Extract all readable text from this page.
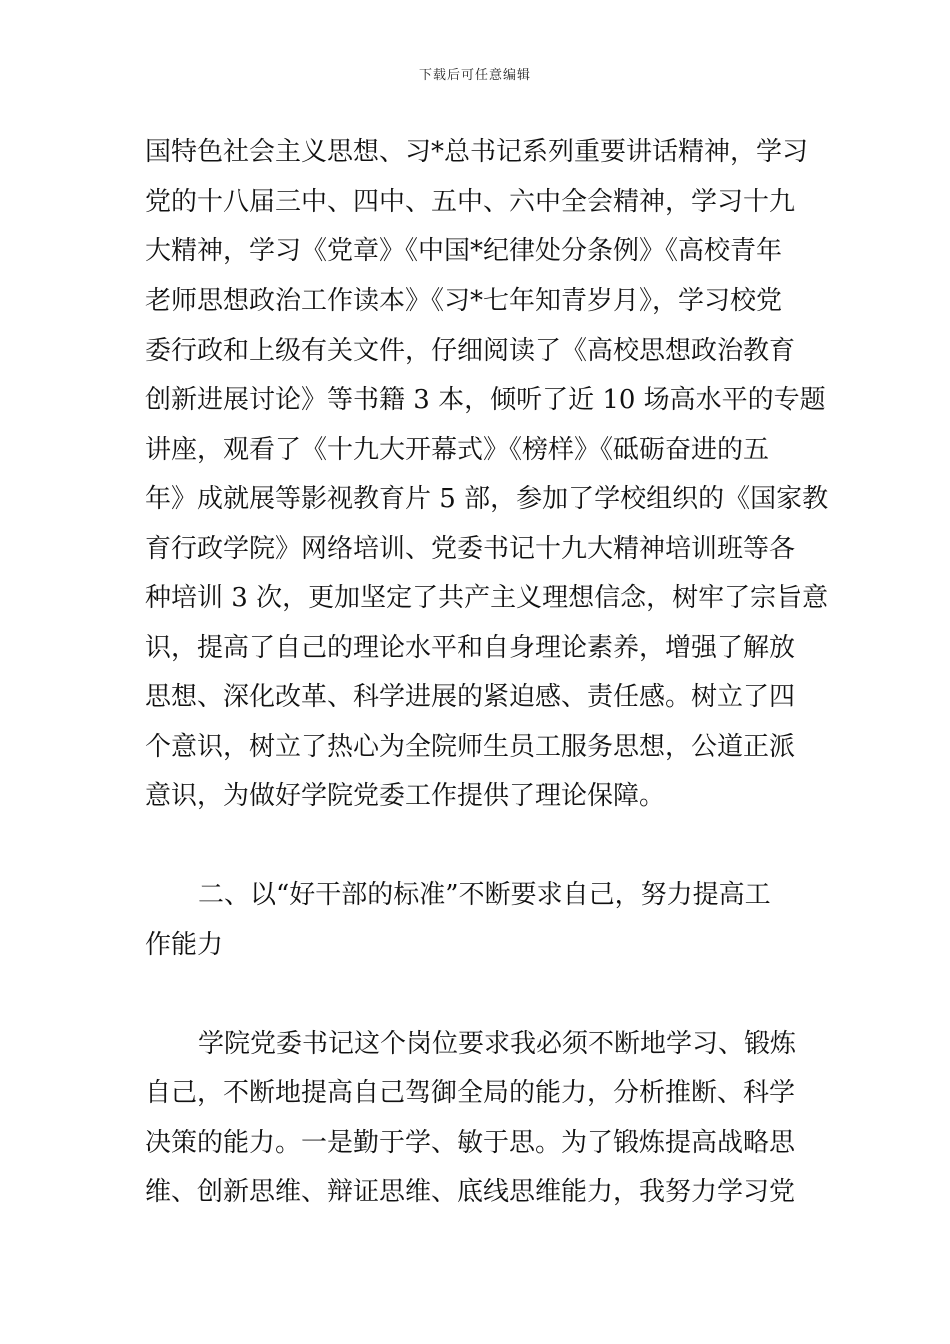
下载后可任意编辑
国特色社会主义思想、习*总书记系列重要讲话精神，学习
党的十八届三中、四中、五中、六中全会精神，学习十九
大精神，学习《党章》《中国*纪律处分条例》《高校青年
老师思想政治工作读本》《习*七年知青岁月》，学习校党
委行政和上级有关文件，仔细阅读了《高校思想政治教育
创新进展讨论》等书籍 3 本，倾听了近 10 场高水平的专题
讲座，观看了《十九大开幕式》《榜样》《砥砺奋进的五
年》成就展等影视教育片 5 部，参加了学校组织的《国家教
育行政学院》网络培训、党委书记十九大精神培训班等各
种培训 3 次，更加坚定了共产主义理想信念，树牢了宗旨意
识，提高了自己的理论水平和自身理论素养，增强了解放
思想、深化改革、科学进展的紧迫感、责任感。树立了四
个意识，树立了热心为全院师生员工服务思想，公道正派
意识，为做好学院党委工作提供了理论保障。
二、以“好干部的标准”不断要求自己，努力提高工
作能力
学院党委书记这个岗位要求我必须不断地学习、锻炼
自己，不断地提高自己驾御全局的能力，分析推断、科学
决策的能力。一是勤于学、敏于思。为了锻炼提高战略思
维、创新思维、辩证思维、底线思维能力，我努力学习党
